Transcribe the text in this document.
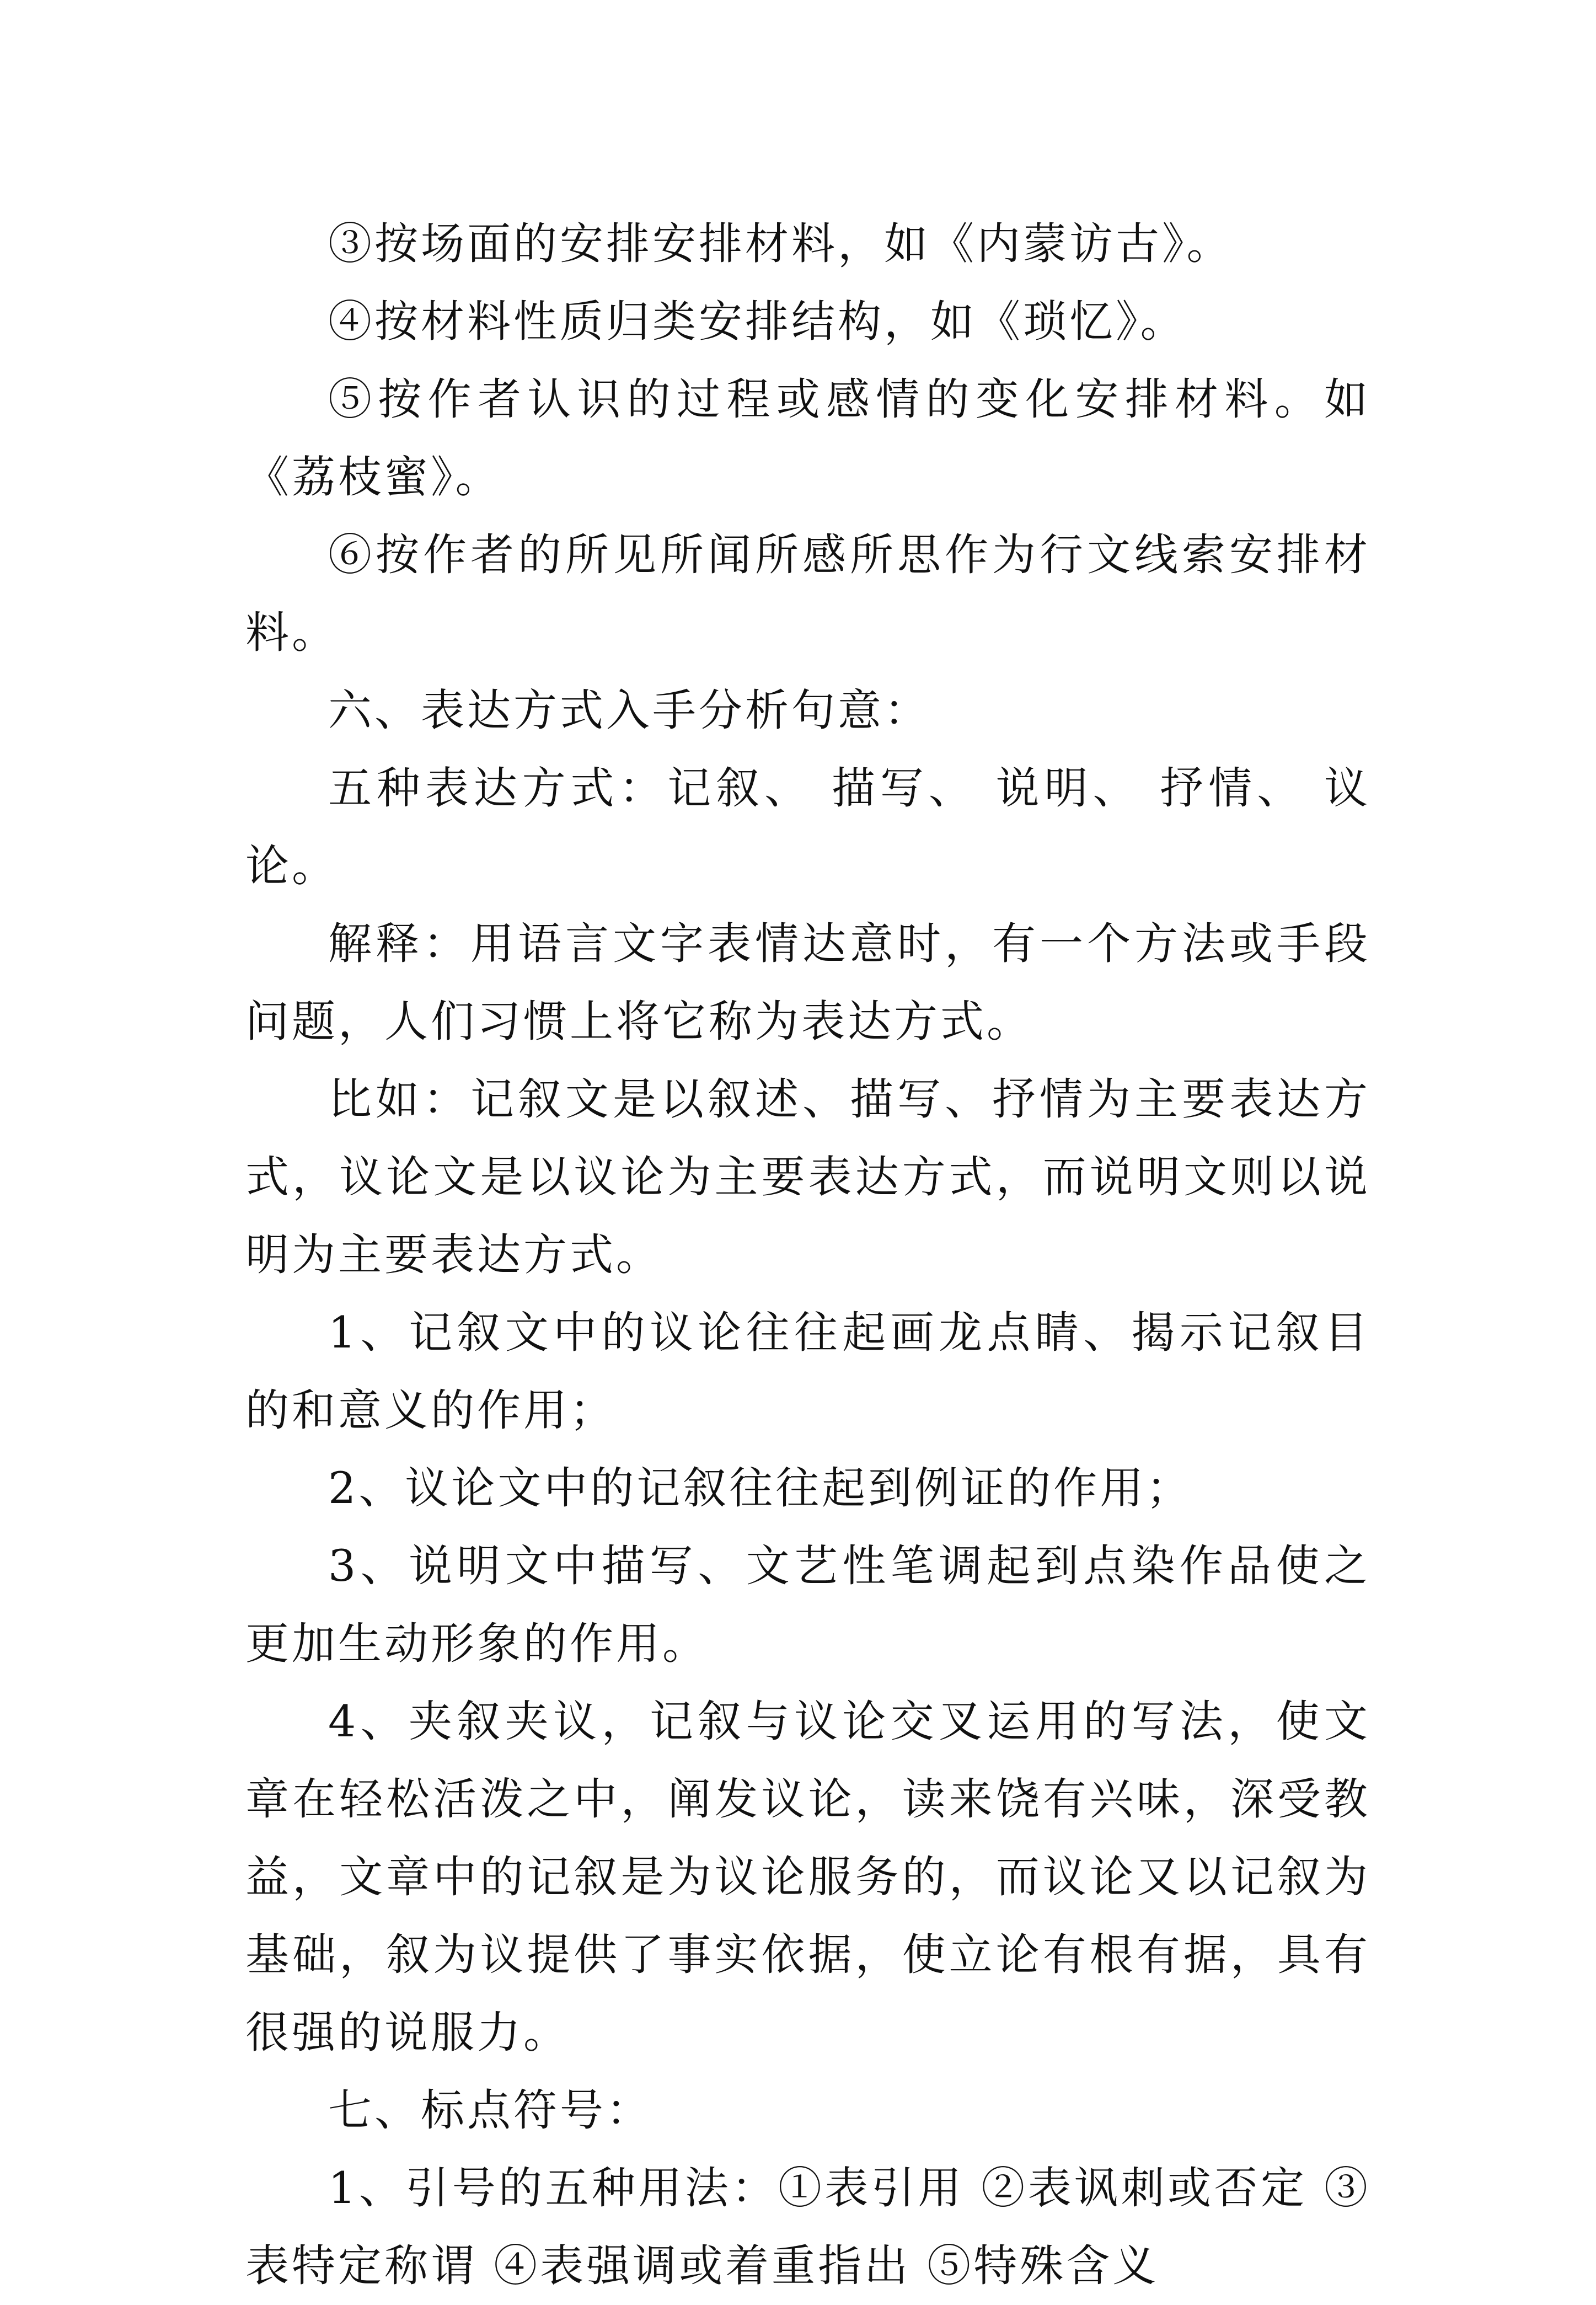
③按场面的安排安排材料，如《内蒙访古》。

④按材料性质归类安排结构，如《琐忆》。

⑤按作者认识的过程或感情的变化安排材料。如《荔枝蜜》。

⑥按作者的所见所闻所感所思作为行文线索安排材料。

六、表达方式入手分析句意：

五种表达方式：记叙、 描写、 说明、 抒情、 议论。

解释：用语言文字表情达意时，有一个方法或手段问题，人们习惯上将它称为表达方式。

比如：记叙文是以叙述、描写、抒情为主要表达方式，议论文是以议论为主要表达方式，而说明文则以说明为主要表达方式。

1、记叙文中的议论往往起画龙点睛、揭示记叙目的和意义的作用；

2、议论文中的记叙往往起到例证的作用；

3、说明文中描写、文艺性笔调起到点染作品使之更加生动形象的作用。

4、夹叙夹议，记叙与议论交叉运用的写法，使文章在轻松活泼之中，阐发议论，读来饶有兴味，深受教益，文章中的记叙是为议论服务的，而议论又以记叙为基础，叙为议提供了事实依据，使立论有根有据，具有很强的说服力。

七、标点符号：

1、引号的五种用法：①表引用 ②表讽刺或否定 ③表特定称谓 ④表强调或着重指出 ⑤特殊含义
